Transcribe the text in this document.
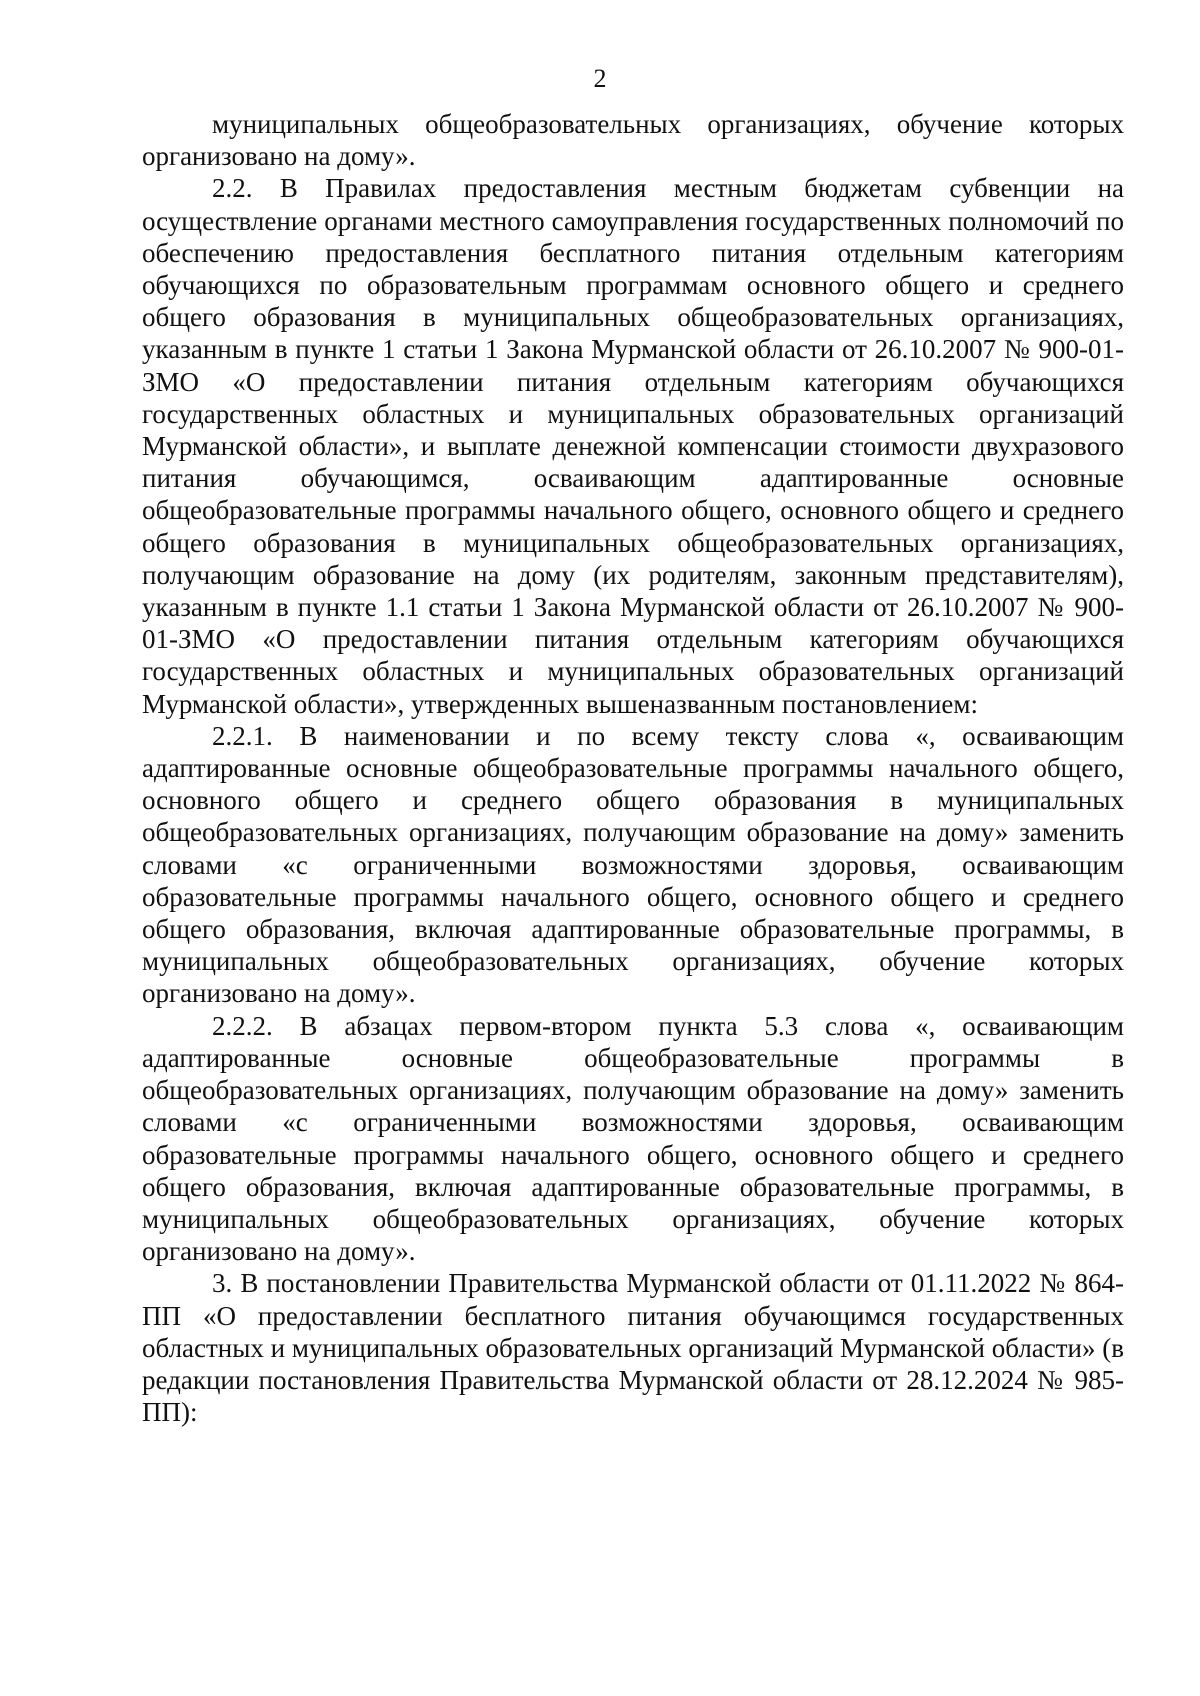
2

муниципальных общеобразовательных организациях, обучение которых организовано на дому».

2.2. В Правилах предоставления местным бюджетам субвенции на осуществление органами местного самоуправления государственных полномочий по обеспечению предоставления бесплатного питания отдельным категориям обучающихся по образовательным программам основного общего и среднего общего образования в муниципальных общеобразовательных организациях, указанным в пункте 1 статьи 1 Закона Мурманской области от 26.10.2007 № 900-01-ЗМО «О предоставлении питания отдельным категориям обучающихся государственных областных и муниципальных образовательных организаций Мурманской области», и выплате денежной компенсации стоимости двухразового питания обучающимся, осваивающим адаптированные основные общеобразовательные программы начального общего, основного общего и среднего общего образования в муниципальных общеобразовательных организациях, получающим образование на дому (их родителям, законным представителям), указанным в пункте 1.1 статьи 1 Закона Мурманской области от 26.10.2007 № 900-01-ЗМО «О предоставлении питания отдельным категориям обучающихся государственных областных и муниципальных образовательных организаций Мурманской области», утвержденных вышеназванным постановлением:

2.2.1. В наименовании и по всему тексту слова «, осваивающим адаптированные основные общеобразовательные программы начального общего, основного общего и среднего общего образования в муниципальных общеобразовательных организациях, получающим образование на дому» заменить словами «с ограниченными возможностями здоровья, осваивающим образовательные программы начального общего, основного общего и среднего общего образования, включая адаптированные образовательные программы, в муниципальных общеобразовательных организациях, обучение которых организовано на дому».

2.2.2. В абзацах первом-втором пункта 5.3 слова «, осваивающим адаптированные основные общеобразовательные программы в общеобразовательных организациях, получающим образование на дому» заменить словами «с ограниченными возможностями здоровья, осваивающим образовательные программы начального общего, основного общего и среднего общего образования, включая адаптированные образовательные программы, в муниципальных общеобразовательных организациях, обучение которых организовано на дому».

3. В постановлении Правительства Мурманской области от 01.11.2022 № 864-ПП «О предоставлении бесплатного питания обучающимся государственных областных и муниципальных образовательных организаций Мурманской области» (в редакции постановления Правительства Мурманской области от 28.12.2024 № 985-ПП):
